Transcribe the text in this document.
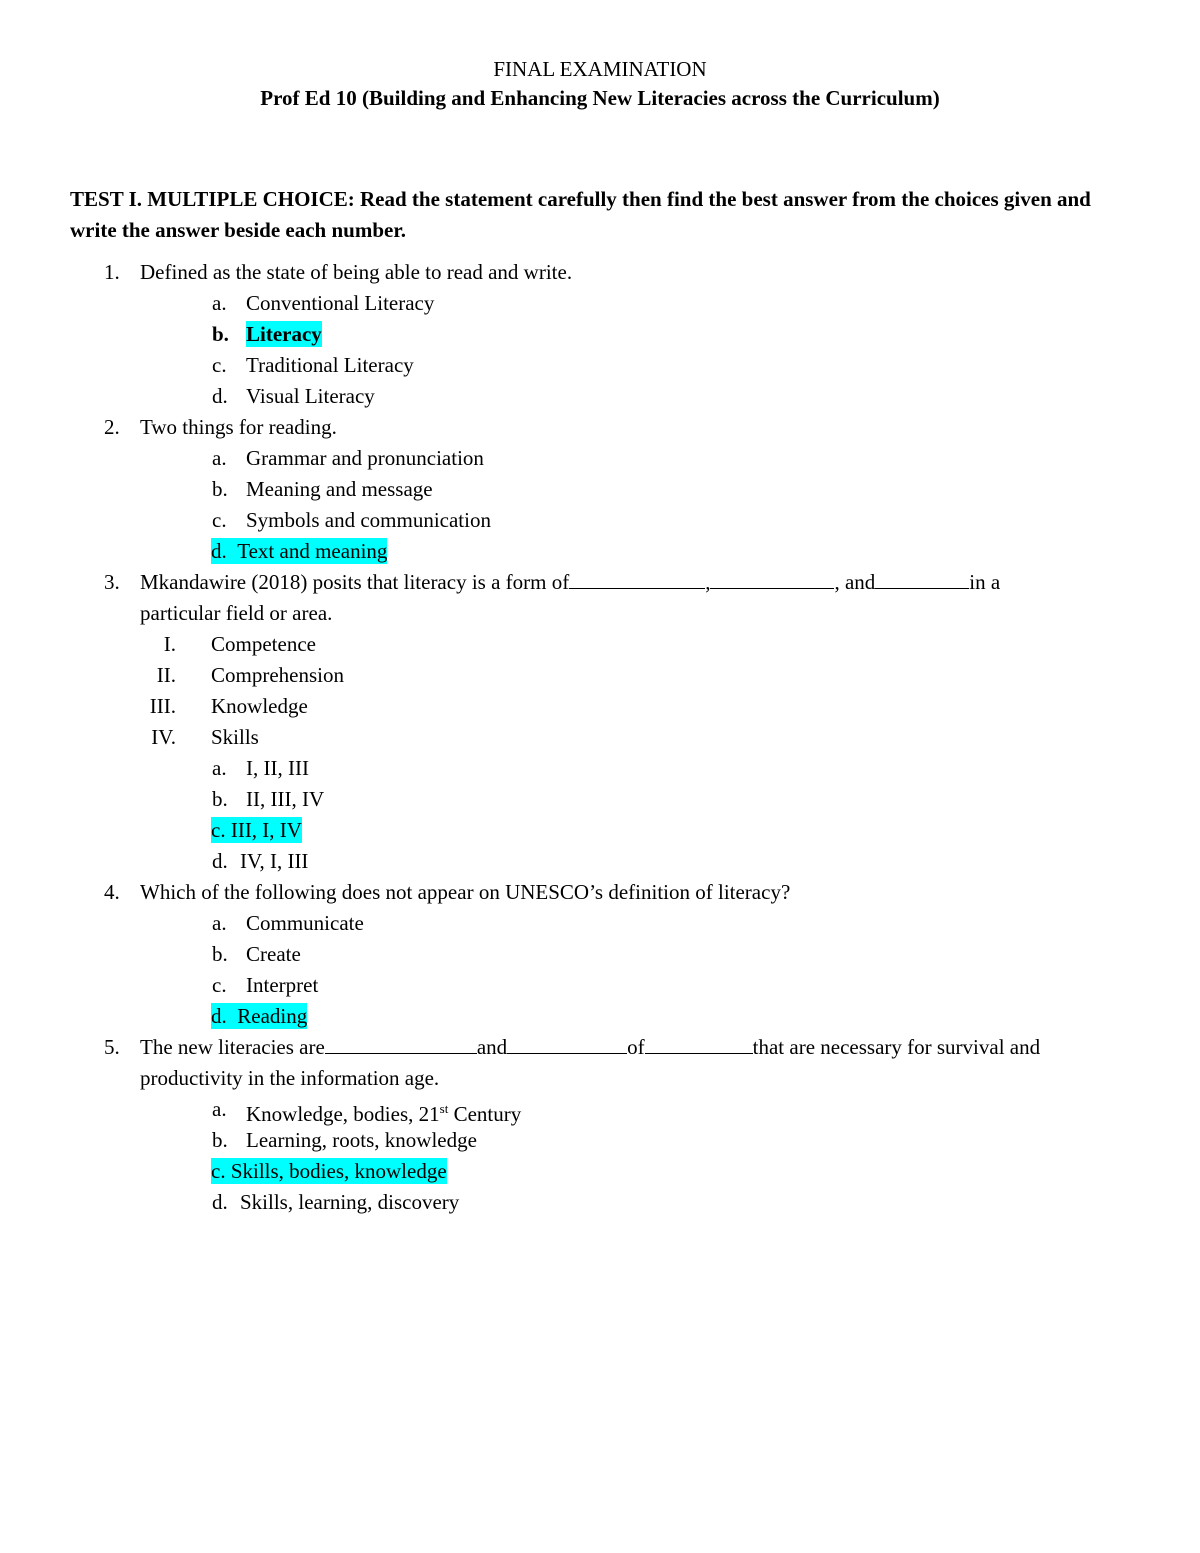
FINAL EXAMINATION
Prof Ed 10 (Building and Enhancing New Literacies across the Curriculum)
TEST I. MULTIPLE CHOICE: Read the statement carefully then find the best answer from the choices given and write the answer beside each number.
1. Defined as the state of being able to read and write.
a. Conventional Literacy
b. Literacy
c. Traditional Literacy
d. Visual Literacy
2. Two things for reading.
a. Grammar and pronunciation
b. Meaning and message
c. Symbols and communication
d. Text and meaning
3. Mkandawire (2018) posits that literacy is a form of	,	, and	in a
particular field or area.
I. Competence
II. Comprehension
III. Knowledge
IV. Skills
a. I, II, III
b. II, III, IV
c. III, I, IV
d. IV, I, III
4. Which of the following does not appear on UNESCO’s definition of literacy?
a. Communicate
b. Create
c. Interpret
d. Reading
5. The new literacies are	and	of	that are necessary for survival and
productivity in the information age.
a. Knowledge, bodies, 21st Century
b. Learning, roots, knowledge
c. Skills, bodies, knowledge
d. Skills, learning, discovery
